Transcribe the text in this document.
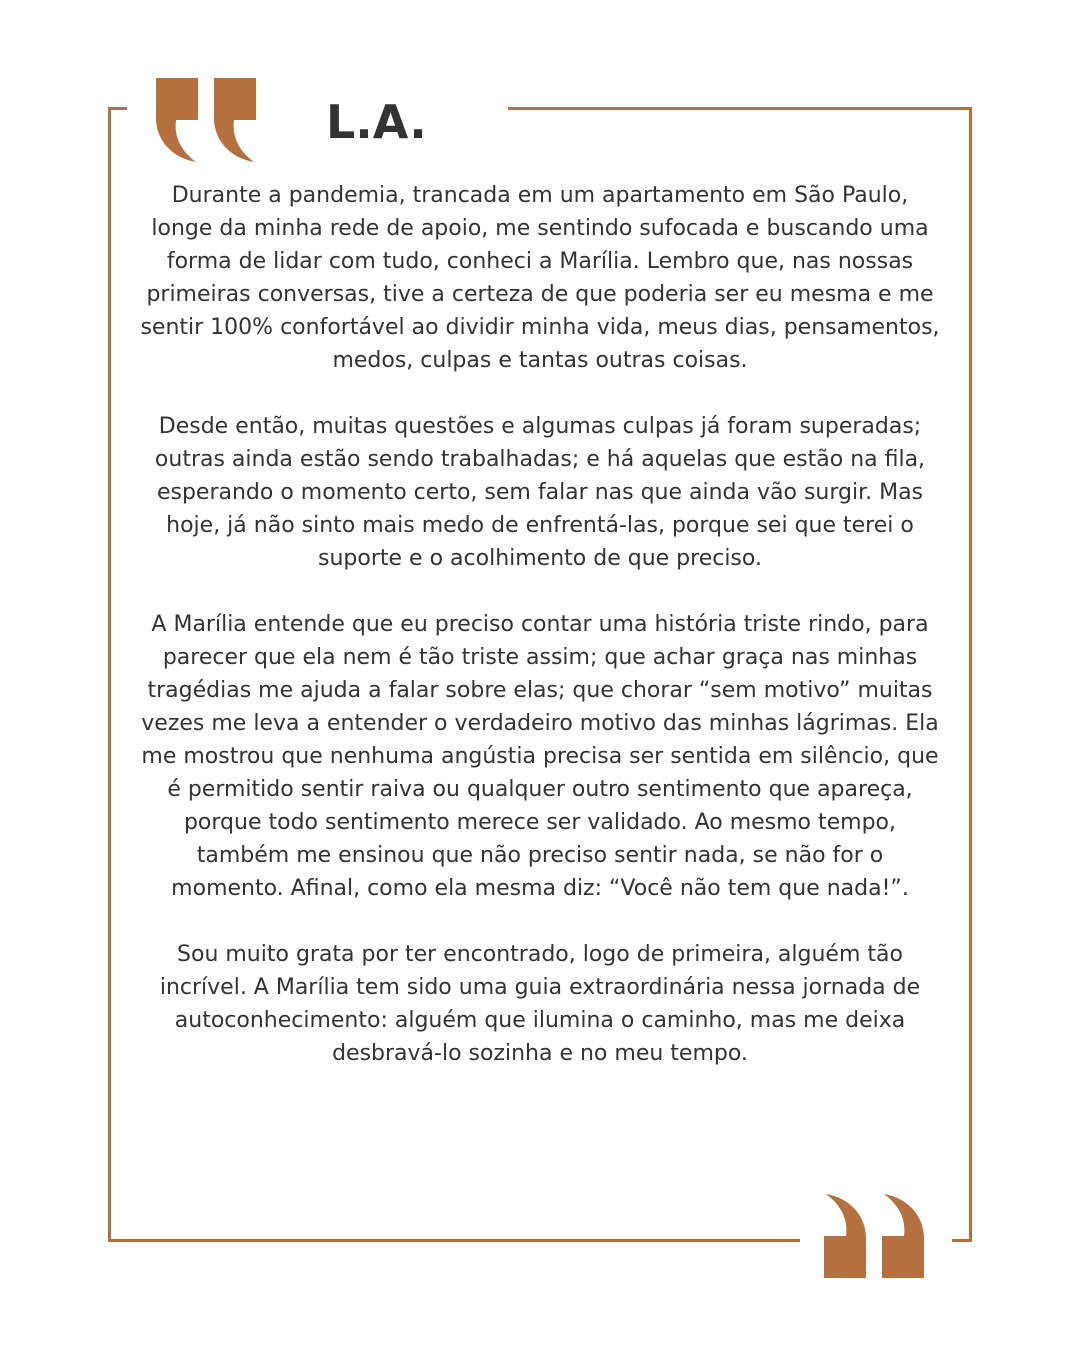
L.A.

Durante a pandemia, trancada em um apartamento em São Paulo, longe da minha rede de apoio, me sentindo sufocada e buscando uma forma de lidar com tudo, conheci a Marília. Lembro que, nas nossas primeiras conversas, tive a certeza de que poderia ser eu mesma e me sentir 100% confortável ao dividir minha vida, meus dias, pensamentos, medos, culpas e tantas outras coisas.

Desde então, muitas questões e algumas culpas já foram superadas; outras ainda estão sendo trabalhadas; e há aquelas que estão na fila, esperando o momento certo, sem falar nas que ainda vão surgir. Mas hoje, já não sinto mais medo de enfrentá-las, porque sei que terei o suporte e o acolhimento de que preciso.

A Marília entende que eu preciso contar uma história triste rindo, para parecer que ela nem é tão triste assim; que achar graça nas minhas tragédias me ajuda a falar sobre elas; que chorar “sem motivo” muitas vezes me leva a entender o verdadeiro motivo das minhas lágrimas. Ela me mostrou que nenhuma angústia precisa ser sentida em silêncio, que é permitido sentir raiva ou qualquer outro sentimento que apareça, porque todo sentimento merece ser validado. Ao mesmo tempo, também me ensinou que não preciso sentir nada, se não for o momento. Afinal, como ela mesma diz: “Você não tem que nada!”.

Sou muito grata por ter encontrado, logo de primeira, alguém tão incrível. A Marília tem sido uma guia extraordinária nessa jornada de autoconhecimento: alguém que ilumina o caminho, mas me deixa desbravá-lo sozinha e no meu tempo.
